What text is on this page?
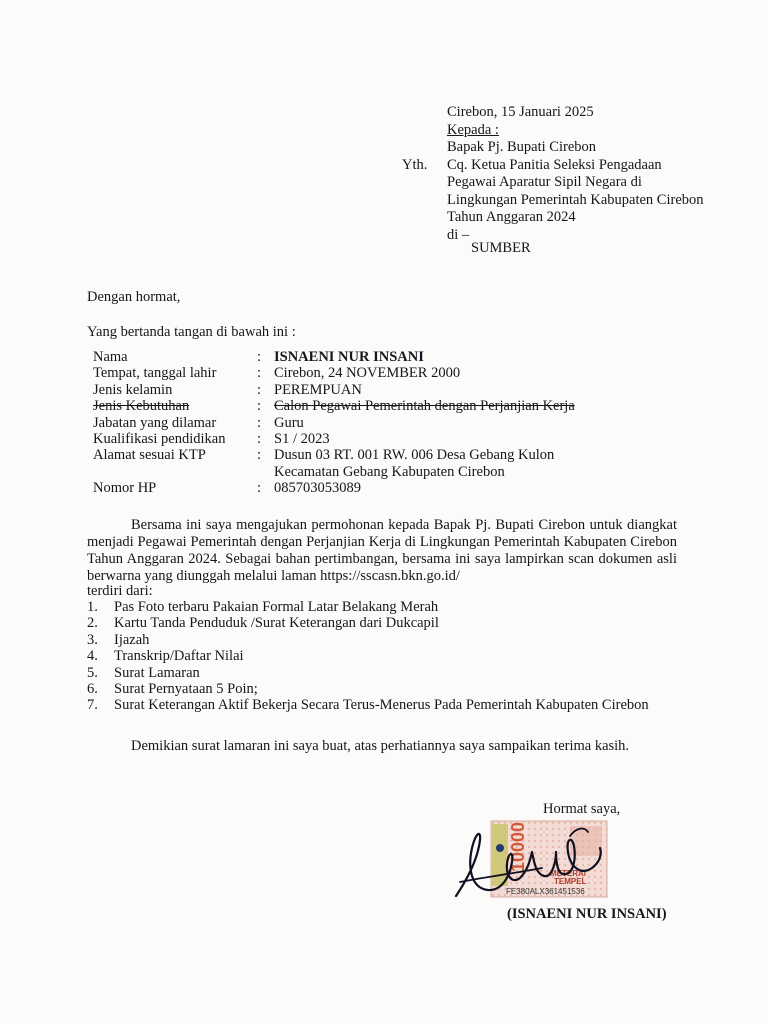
Cirebon, 15 Januari 2025
Kepada :
Bapak Pj. Bupati Cirebon
Cq. Ketua Panitia Seleksi Pengadaan
Pegawai Aparatur Sipil Negara di
Lingkungan Pemerintah Kabupaten Cirebon
Tahun Anggaran 2024
di –
Yth.
SUMBER
Dengan hormat,
Yang bertanda tangan di bawah ini :
Nama	: ISNAENI NUR INSANI
Tempat, tanggal lahir	: Cirebon, 24 NOVEMBER 2000
Jenis kelamin	: PEREMPUAN
Jenis Kebutuhan	: Calon Pegawai Pemerintah dengan Perjanjian Kerja
Jabatan yang dilamar	: Guru
Kualifikasi pendidikan	: S1 / 2023
Alamat sesuai KTP	: Dusun 03 RT. 001 RW. 006 Desa Gebang Kulon
Kecamatan Gebang Kabupaten Cirebon
Nomor HP	: 085703053089

Bersama ini saya mengajukan permohonan kepada Bapak Pj. Bupati Cirebon untuk diangkat menjadi Pegawai Pemerintah dengan Perjanjian Kerja di Lingkungan Pemerintah Kabupaten Cirebon Tahun Anggaran 2024. Sebagai bahan pertimbangan, bersama ini saya lampirkan scan dokumen asli berwarna yang diunggah melalui laman https://sscasn.bkn.go.id/

terdiri dari:
1.	Pas Foto terbaru Pakaian Formal Latar Belakang Merah
2.	Kartu Tanda Penduduk /Surat Keterangan dari Dukcapil
3.	Ijazah
4.	Transkrip/Daftar Nilai
5.	Surat Lamaran
6.	Surat Pernyataan 5 Poin;
7.	Surat Keterangan Aktif Bekerja Secara Terus-Menerus Pada Pemerintah Kabupaten Cirebon
Demikian surat lamaran ini saya buat, atas perhatiannya saya sampaikan terima kasih.
Hormat saya,
10000
METERAI
TEMPEL
FE380ALX361451536
(ISNAENI NUR INSANI)
